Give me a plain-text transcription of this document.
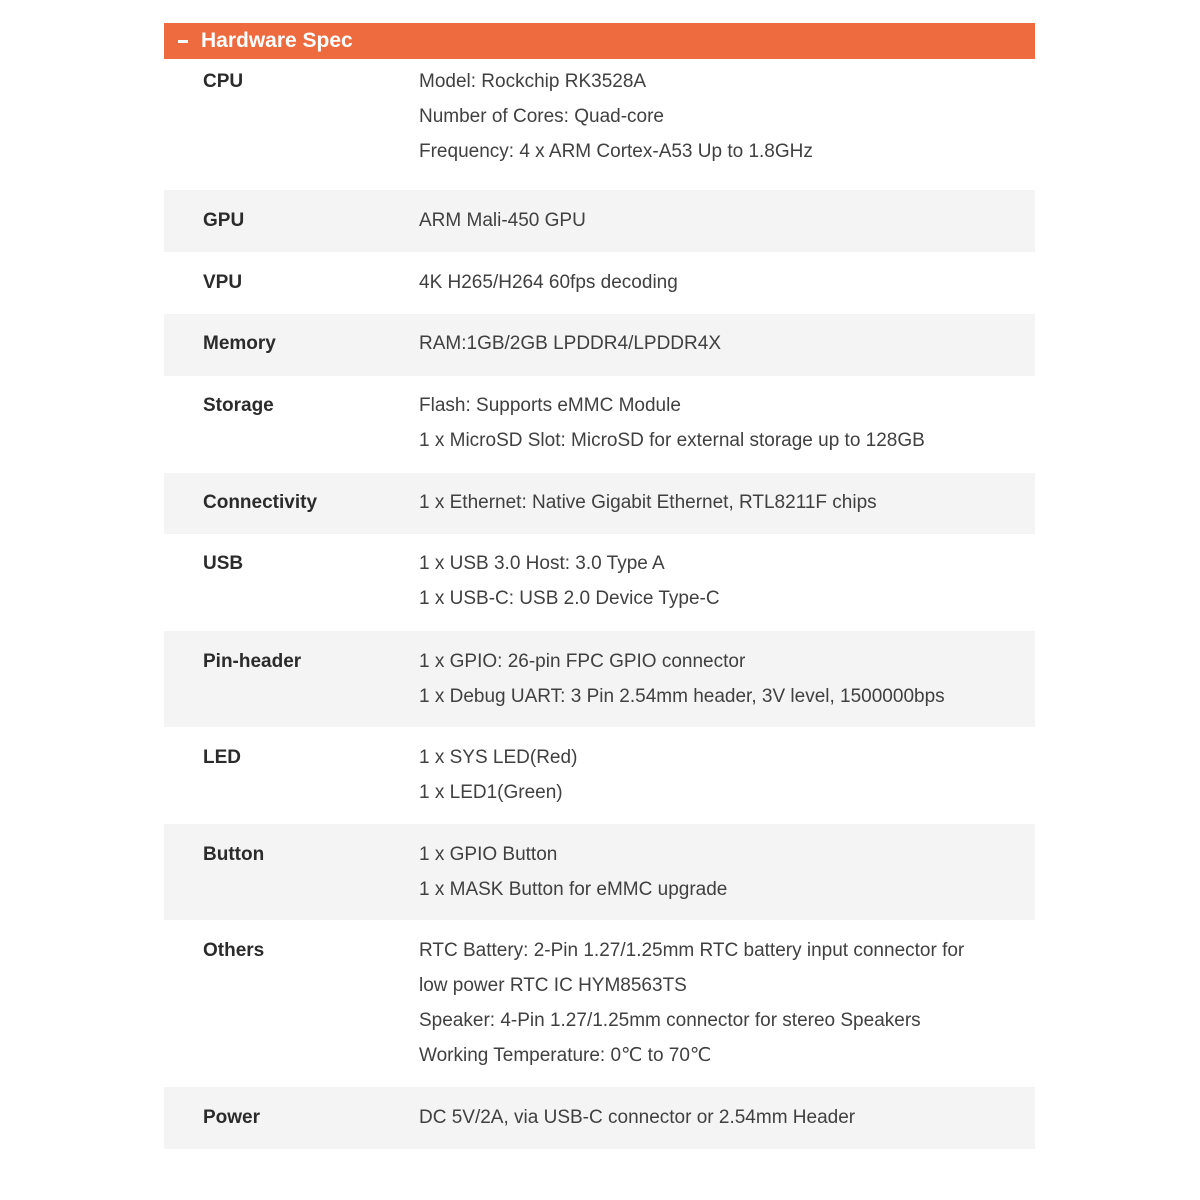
Hardware Spec
CPU	Model: Rockchip RK3528A
Number of Cores: Quad-core
Frequency: 4 x ARM Cortex-A53 Up to 1.8GHz
GPU	ARM Mali-450 GPU
VPU	4K H265/H264 60fps decoding
Memory	RAM:1GB/2GB LPDDR4/LPDDR4X
Storage	Flash: Supports eMMC Module
1 x MicroSD Slot: MicroSD for external storage up to 128GB
Connectivity	1 x Ethernet: Native Gigabit Ethernet, RTL8211F chips
USB	1 x USB 3.0 Host: 3.0 Type A
1 x USB-C: USB 2.0 Device Type-C
Pin-header	1 x GPIO: 26-pin FPC GPIO connector
1 x Debug UART: 3 Pin 2.54mm header, 3V level, 1500000bps
LED	1 x SYS LED(Red)
1 x LED1(Green)
Button	1 x GPIO Button
1 x MASK Button for eMMC upgrade
Others	RTC Battery: 2-Pin 1.27/1.25mm RTC battery input connector for
low power RTC IC HYM8563TS
Speaker: 4-Pin 1.27/1.25mm connector for stereo Speakers
Working Temperature: 0℃ to 70℃
Power	DC 5V/2A, via USB-C connector or 2.54mm Header
